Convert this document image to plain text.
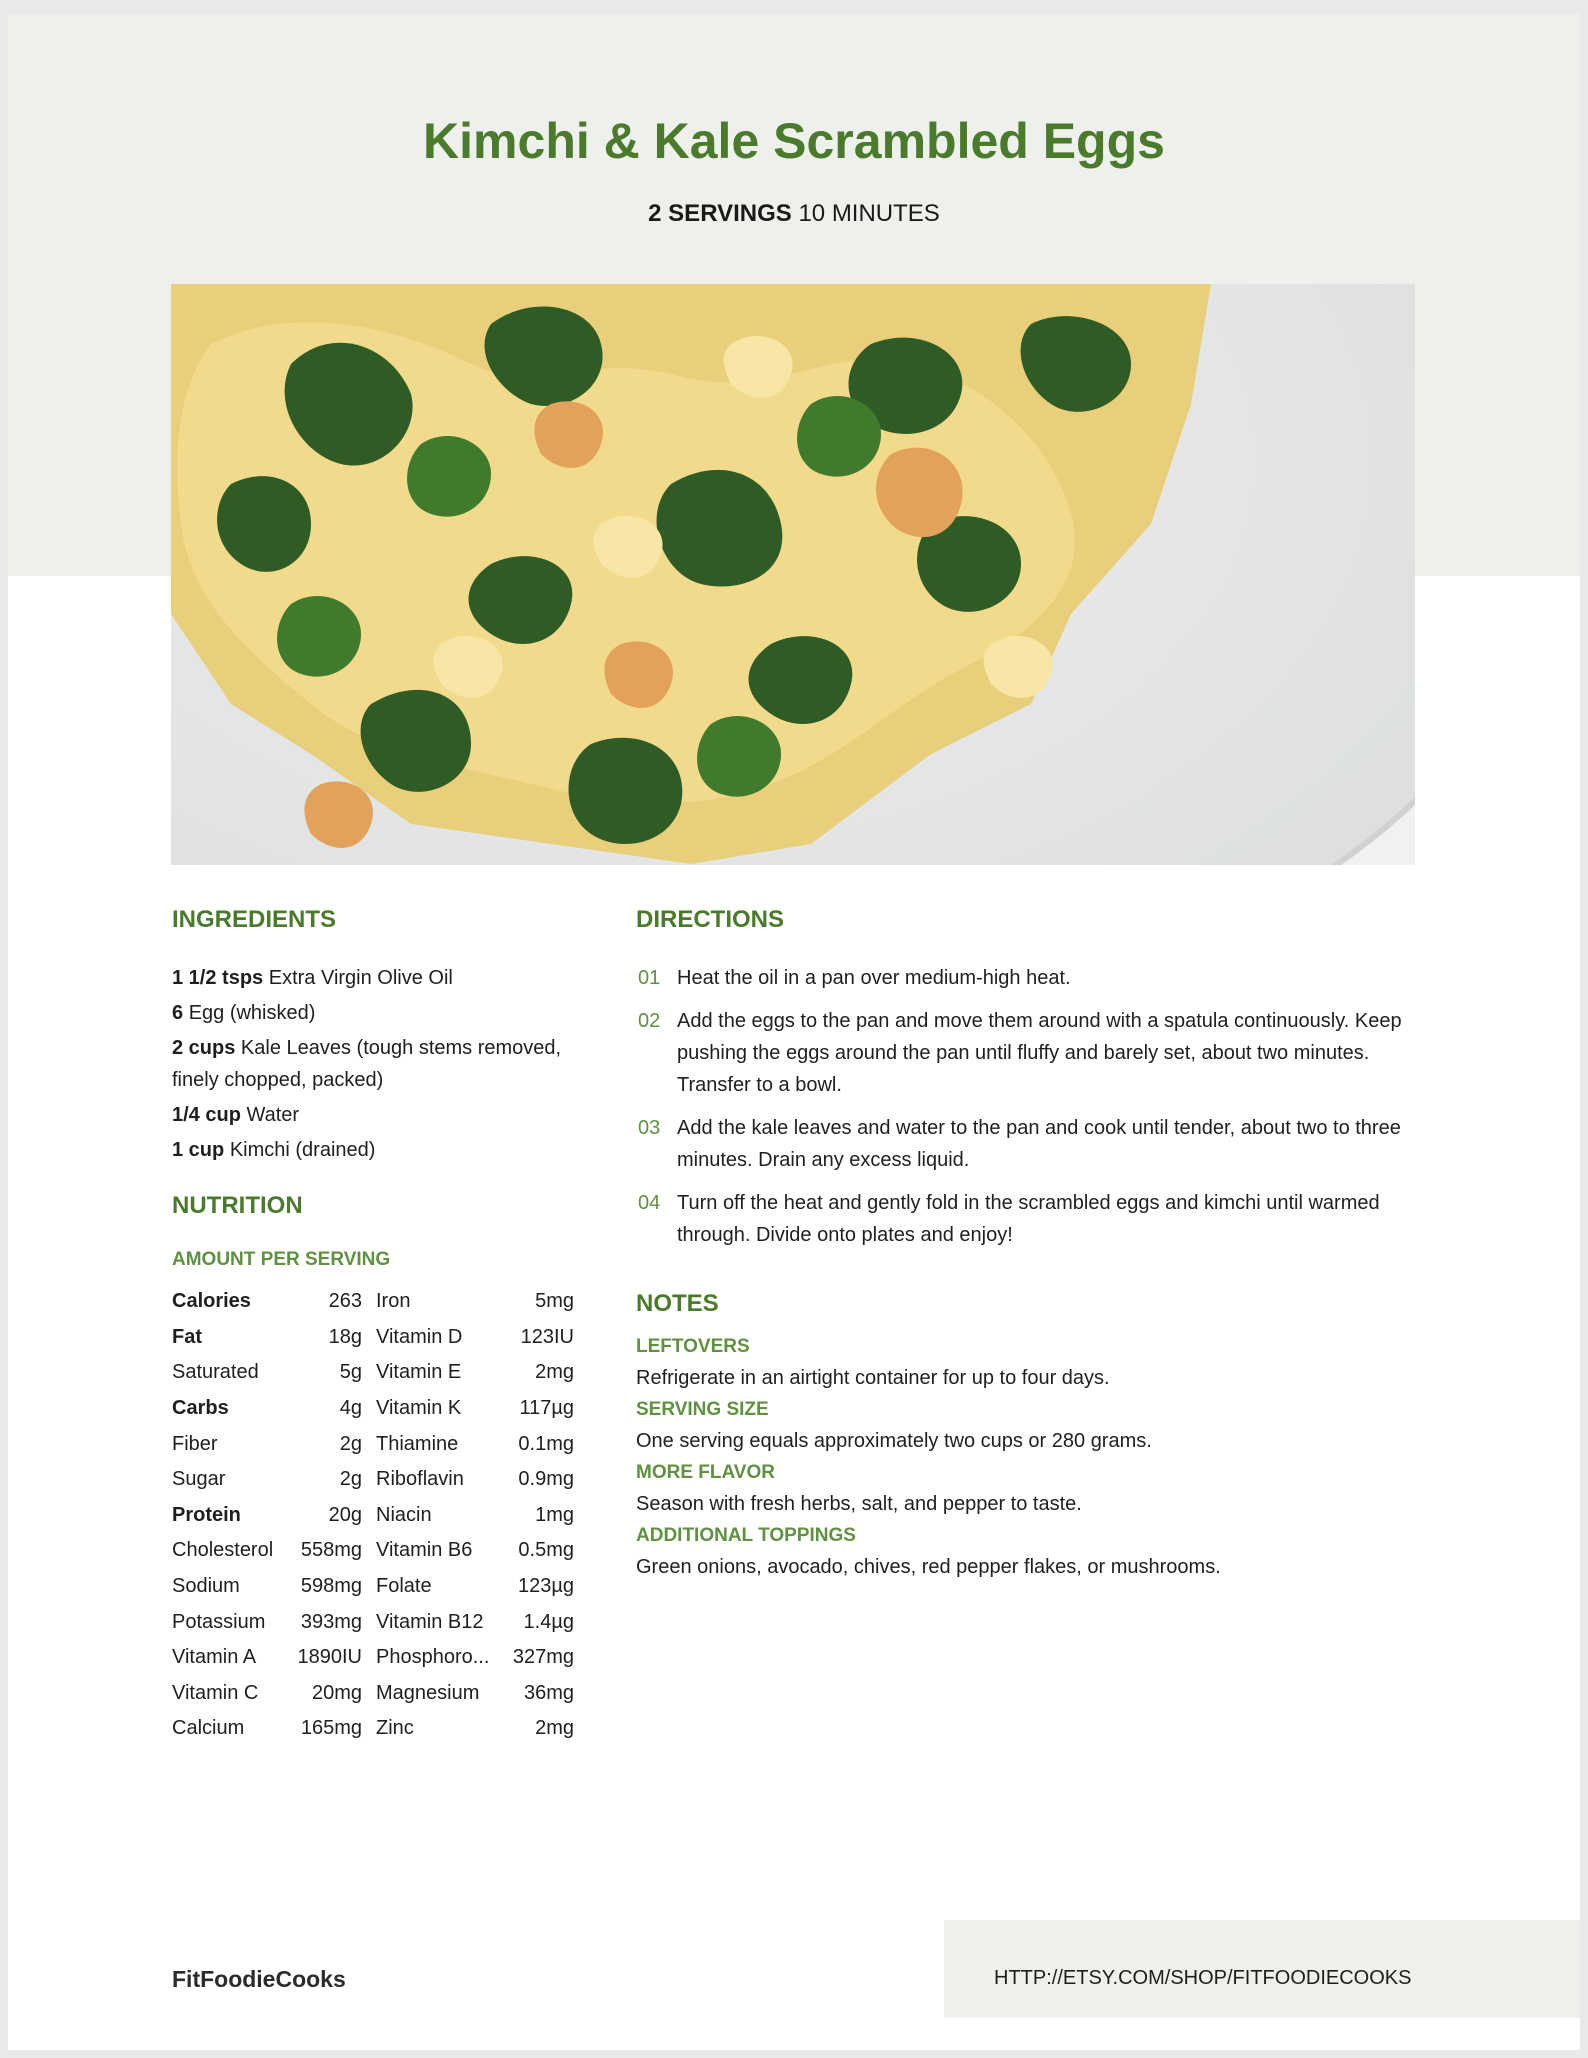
Kimchi & Kale Scrambled Eggs
2 SERVINGS 10 MINUTES
INGREDIENTS
1 1/2 tsps Extra Virgin Olive Oil
6 Egg (whisked)
2 cups Kale Leaves (tough stems removed, finely chopped, packed)
1/4 cup Water
1 cup Kimchi (drained)
NUTRITION
AMOUNT PER SERVING
Calories	263	Iron	5mg
Fat	18g	Vitamin D	123IU
Saturated	5g	Vitamin E	2mg
Carbs	4g	Vitamin K	117µg
Fiber	2g	Thiamine	0.1mg
Sugar	2g	Riboflavin	0.9mg
Protein	20g	Niacin	1mg
Cholesterol	558mg	Vitamin B6	0.5mg
Sodium	598mg	Folate	123µg
Potassium	393mg	Vitamin B12	1.4µg
Vitamin A	1890IU	Phosphoro...	327mg
Vitamin C	20mg	Magnesium	36mg
Calcium	165mg	Zinc	2mg
DIRECTIONS
01 Heat the oil in a pan over medium-high heat.
02 Add the eggs to the pan and move them around with a spatula continuously. Keep pushing the eggs around the pan until fluffy and barely set, about two minutes. Transfer to a bowl.
03 Add the kale leaves and water to the pan and cook until tender, about two to three minutes. Drain any excess liquid.
04 Turn off the heat and gently fold in the scrambled eggs and kimchi until warmed through. Divide onto plates and enjoy!
NOTES
LEFTOVERS
Refrigerate in an airtight container for up to four days.
SERVING SIZE
One serving equals approximately two cups or 280 grams.
MORE FLAVOR
Season with fresh herbs, salt, and pepper to taste.
ADDITIONAL TOPPINGS
Green onions, avocado, chives, red pepper flakes, or mushrooms.
FitFoodieCooks	HTTP://ETSY.COM/SHOP/FITFOODIECOOKS
